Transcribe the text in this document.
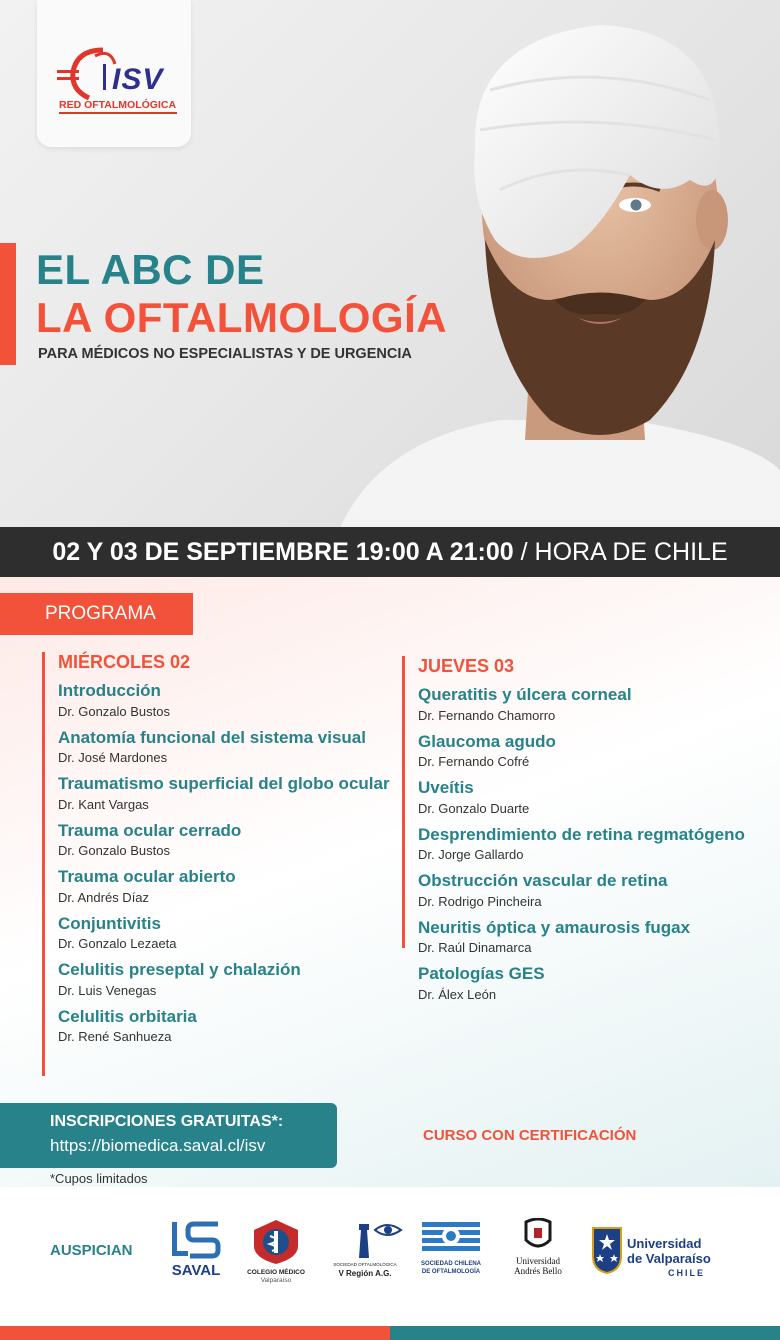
ISV
RED OFTALMOLÓGICA
EL ABC DE
LA OFTALMOLOGÍA
PARA MÉDICOS NO ESPECIALISTAS Y DE URGENCIA
02 Y 03 DE SEPTIEMBRE 19:00 A 21:00 / HORA DE CHILE
PROGRAMA
MIÉRCOLES 02
Introducción
Dr. Gonzalo Bustos
Anatomía funcional del sistema visual
Dr. José Mardones
Traumatismo superficial del globo ocular
Dr. Kant Vargas
Trauma ocular cerrado
Dr. Gonzalo Bustos
Trauma ocular abierto
Dr. Andrés Díaz
Conjuntivitis
Dr. Gonzalo Lezaeta
Celulitis preseptal y chalazión
Dr. Luis Venegas
Celulitis orbitaria
Dr. René Sanhueza
JUEVES 03
Queratitis y úlcera corneal
Dr. Fernando Chamorro
Glaucoma agudo
Dr. Fernando Cofré
Uveítis
Dr. Gonzalo Duarte
Desprendimiento de retina regmatógeno
Dr. Jorge Gallardo
Obstrucción vascular de retina
Dr. Rodrigo Pincheira
Neuritis óptica y amaurosis fugax
Dr. Raúl Dinamarca
Patologías GES
Dr. Álex León
INSCRIPCIONES GRATUITAS*:
https://biomedica.saval.cl/isv
*Cupos limitados
CURSO CON CERTIFICACIÓN
AUSPICIAN
SAVAL	COLEGIO MÉDICO
Valparaíso
SOCIEDAD OFTALMOLÓGICA
V Región A.G.
SOCIEDAD CHILENA
DE OFTALMOLOGÍA
Universidad
Andrés Bello
Universidad
de Valparaíso
CHILE
